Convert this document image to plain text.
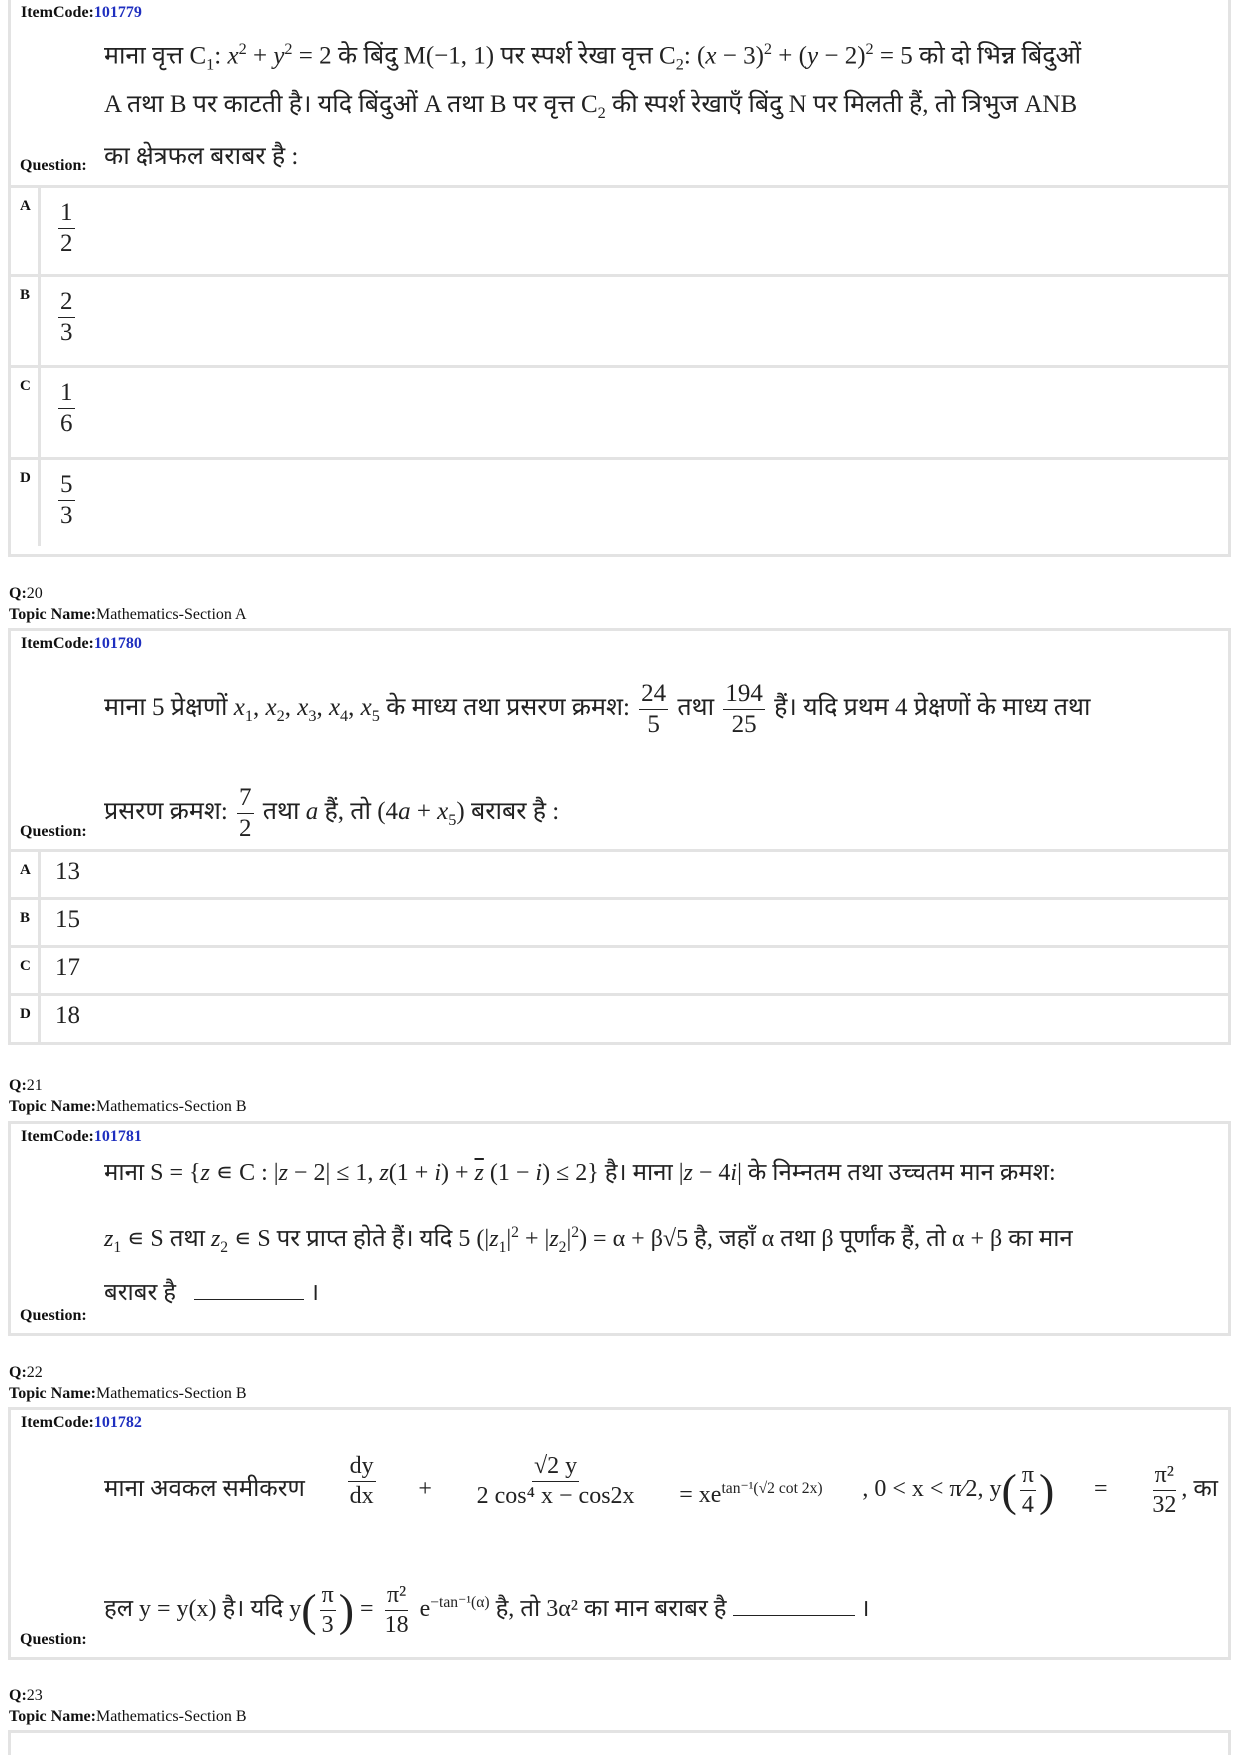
ItemCode:101779
माना वृत्त $C_1$: $x^2 + y^2 = 2$ के बिंदु M(−1, 1) पर स्पर्श रेखा वृत्त $C_2$: $(x - 3)^2 + (y - 2)^2 = 5$ को दो भिन्न बिंदुओं
A तथा B पर काटती है। यदि बिंदुओं A तथा B पर वृत्त $C_2$ की स्पर्श रेखाएँ बिंदु N पर मिलती हैं, तो त्रिभुज ANB
का क्षेत्रफल बराबर है :
Question:
A	$\frac{1}{2}$
B	$\frac{2}{3}$
C	$\frac{1}{6}$
D	$\frac{5}{3}$
Q:20
Topic Name:Mathematics-Section A
ItemCode:101780
माना 5 प्रेक्षणों $x_1$, $x_2$, $x_3$, $x_4$, $x_5$ के माध्य तथा प्रसरण क्रमश: $\frac{24}{5}$ तथा $\frac{194}{25}$ हैं। यदि प्रथम 4 प्रेक्षणों के माध्य तथा
प्रसरण क्रमश: $\frac{7}{2}$ तथा a हैं, तो $(4a + x_5)$ बराबर है :
Question:
A 13
B 15
C 17
D 18
Q:21
Topic Name:Mathematics-Section B
ItemCode:101781
माना S = {z ∊ C : |z − 2| ≤ 1, $z(1 + i) + \overline{z}$ (1 − i) ≤ 2} है। माना |z − 4i| के निम्नतम तथा उच्चतम मान क्रमश:
$z_1$ ∊ S तथा $z_2$ ∊ S पर प्राप्त होते हैं। यदि 5 $(|z_1|^2 + |z_2|^2) = \alpha + \beta√5$ है, जहाँ α तथा β पूर्णांक हैं, तो α + β का मान
बराबर है	।
Question:
Q:22
Topic Name:Mathematics-Section B
ItemCode:101782
माना अवकल समीकरण $\frac{dy}{dx} + \frac{√2 y}{\text{2 cos⁴ x − cos2x}} = xe^{tan^{-1}(√2 cot 2x)}$ , 0 < x < π⁄2, $y( \frac{\pi}{4}$ ) = $\frac{\text{π²}}{32}$ , का
हल y = y(x) है। यदि $y( \frac{\pi}{3}$ ) = $\frac{\text{π²}}{18} e^{-tan^{-1}(\alpha)}$ है, तो 3α² का मान बराबर है	।
Question:
Q:23
Topic Name:Mathematics-Section B
